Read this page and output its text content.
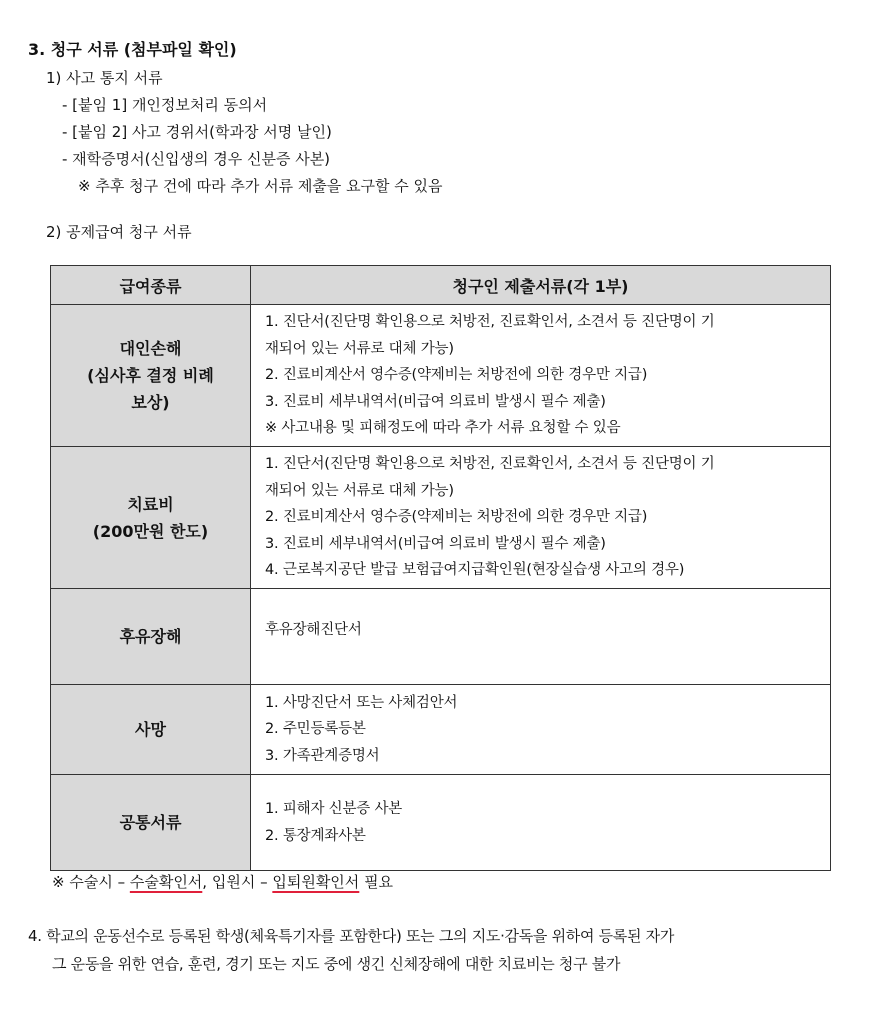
3. 청구 서류 (첨부파일 확인)
1) 사고 통지 서류
- [붙임 1] 개인정보처리 동의서
- [붙임 2] 사고 경위서(학과장 서명 날인)
- 재학증명서(신입생의 경우 신분증 사본)
※ 추후 청구 건에 따라 추가 서류 제출을 요구할 수 있음
2) 공제급여 청구 서류
급여종류	청구인 제출서류(각 1부)

대인손해
(심사후 결정 비례
보상)	1. 진단서(진단명 확인용으로 처방전, 진료확인서, 소견서 등 진단명이 기
재되어 있는 서류로 대체 가능)
2. 진료비계산서 영수증(약제비는 처방전에 의한 경우만 지급)
3. 진료비 세부내역서(비급여 의료비 발생시 필수 제출)
※ 사고내용 및 피해정도에 따라 추가 서류 요청할 수 있음

치료비
(200만원 한도)	1. 진단서(진단명 확인용으로 처방전, 진료확인서, 소견서 등 진단명이 기
재되어 있는 서류로 대체 가능)
2. 진료비계산서 영수증(약제비는 처방전에 의한 경우만 지급)
3. 진료비 세부내역서(비급여 의료비 발생시 필수 제출)
4. 근로복지공단 발급 보험급여지급확인원(현장실습생 사고의 경우)

후유장해	후유장해진단서

사망	1. 사망진단서 또는 사체검안서
2. 주민등록등본
3. 가족관계증명서

공통서류	1. 피해자 신분증 사본
2. 통장계좌사본
※ 수술시 – 수술확인서, 입원시 – 입퇴원확인서 필요
4. 학교의 운동선수로 등록된 학생(체육특기자를 포함한다) 또는 그의 지도·감독을 위하여 등록된 자가
그 운동을 위한 연습, 훈련, 경기 또는 지도 중에 생긴 신체장해에 대한 치료비는 청구 불가
